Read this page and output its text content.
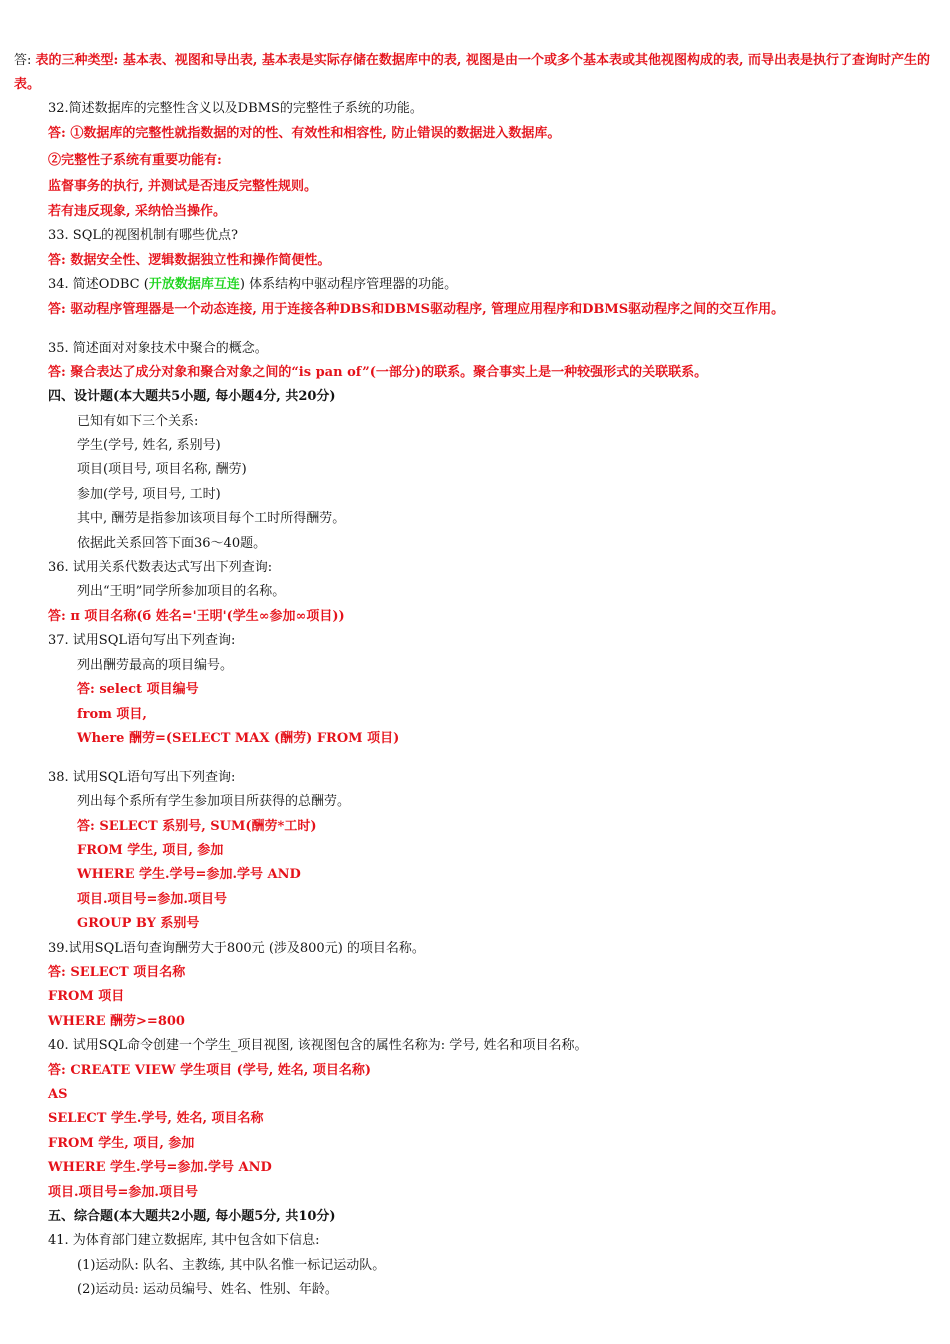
答: 表的三种类型: 基本表、视图和导出表, 基本表是实际存储在数据库中的表, 视图是由一个或多个基本表或其他视图构成的表, 而导出表是执行了查询时产生的表。
32.简述数据库的完整性含义以及DBMS的完整性子系统的功能。
答: ①数据库的完整性就指数据的对的性、有效性和相容性, 防止错误的数据进入数据库。
②完整性子系统有重要功能有:
监督事务的执行, 并测试是否违反完整性规则。
若有违反现象, 采纳恰当操作。
33. SQL的视图机制有哪些优点?
答: 数据安全性、逻辑数据独立性和操作简便性。
34. 简述ODBC (开放数据库互连) 体系结构中驱动程序管理器的功能。
答: 驱动程序管理器是一个动态连接, 用于连接各种DBS和DBMS驱动程序, 管理应用程序和DBMS驱动程序之间的交互作用。
35. 简述面对对象技术中聚合的概念。
答: 聚合表达了成分对象和聚合对象之间的“is pan of”(一部分)的联系。聚合事实上是一种较强形式的关联联系。
四、设计题(本大题共5小题, 每小题4分, 共20分)
已知有如下三个关系:
学生(学号, 姓名, 系别号)
项目(项目号, 项目名称, 酬劳)
参加(学号, 项目号, 工时)
其中, 酬劳是指参加该项目每个工时所得酬劳。
依据此关系回答下面36～40题。
36. 试用关系代数表达式写出下列查询:
列出“王明”同学所参加项目的名称。
答: π 项目名称(б 姓名='王明'(学生∞参加∞项目))
37. 试用SQL语句写出下列查询:
列出酬劳最高的项目编号。
答: select 项目编号
from 项目,
Where 酬劳=(SELECT MAX (酬劳) FROM 项目)
38. 试用SQL语句写出下列查询:
列出每个系所有学生参加项目所获得的总酬劳。
答: SELECT 系别号, SUM(酬劳*工时)
FROM 学生, 项目, 参加
WHERE 学生.学号=参加.学号 AND
项目.项目号=参加.项目号
GROUP BY 系别号
39.试用SQL语句查询酬劳大于800元 (涉及800元) 的项目名称。
答: SELECT 项目名称
FROM 项目
WHERE 酬劳>=800
40. 试用SQL命令创建一个学生_项目视图, 该视图包含的属性名称为: 学号, 姓名和项目名称。
答: CREATE VIEW 学生项目 (学号, 姓名, 项目名称)
AS
SELECT 学生.学号, 姓名, 项目名称
FROM 学生, 项目, 参加
WHERE 学生.学号=参加.学号 AND
项目.项目号=参加.项目号
五、综合题(本大题共2小题, 每小题5分, 共10分)
41. 为体育部门建立数据库, 其中包含如下信息:
(1)运动队: 队名、主教练, 其中队名惟一标记运动队。
(2)运动员: 运动员编号、姓名、性别、年龄。
